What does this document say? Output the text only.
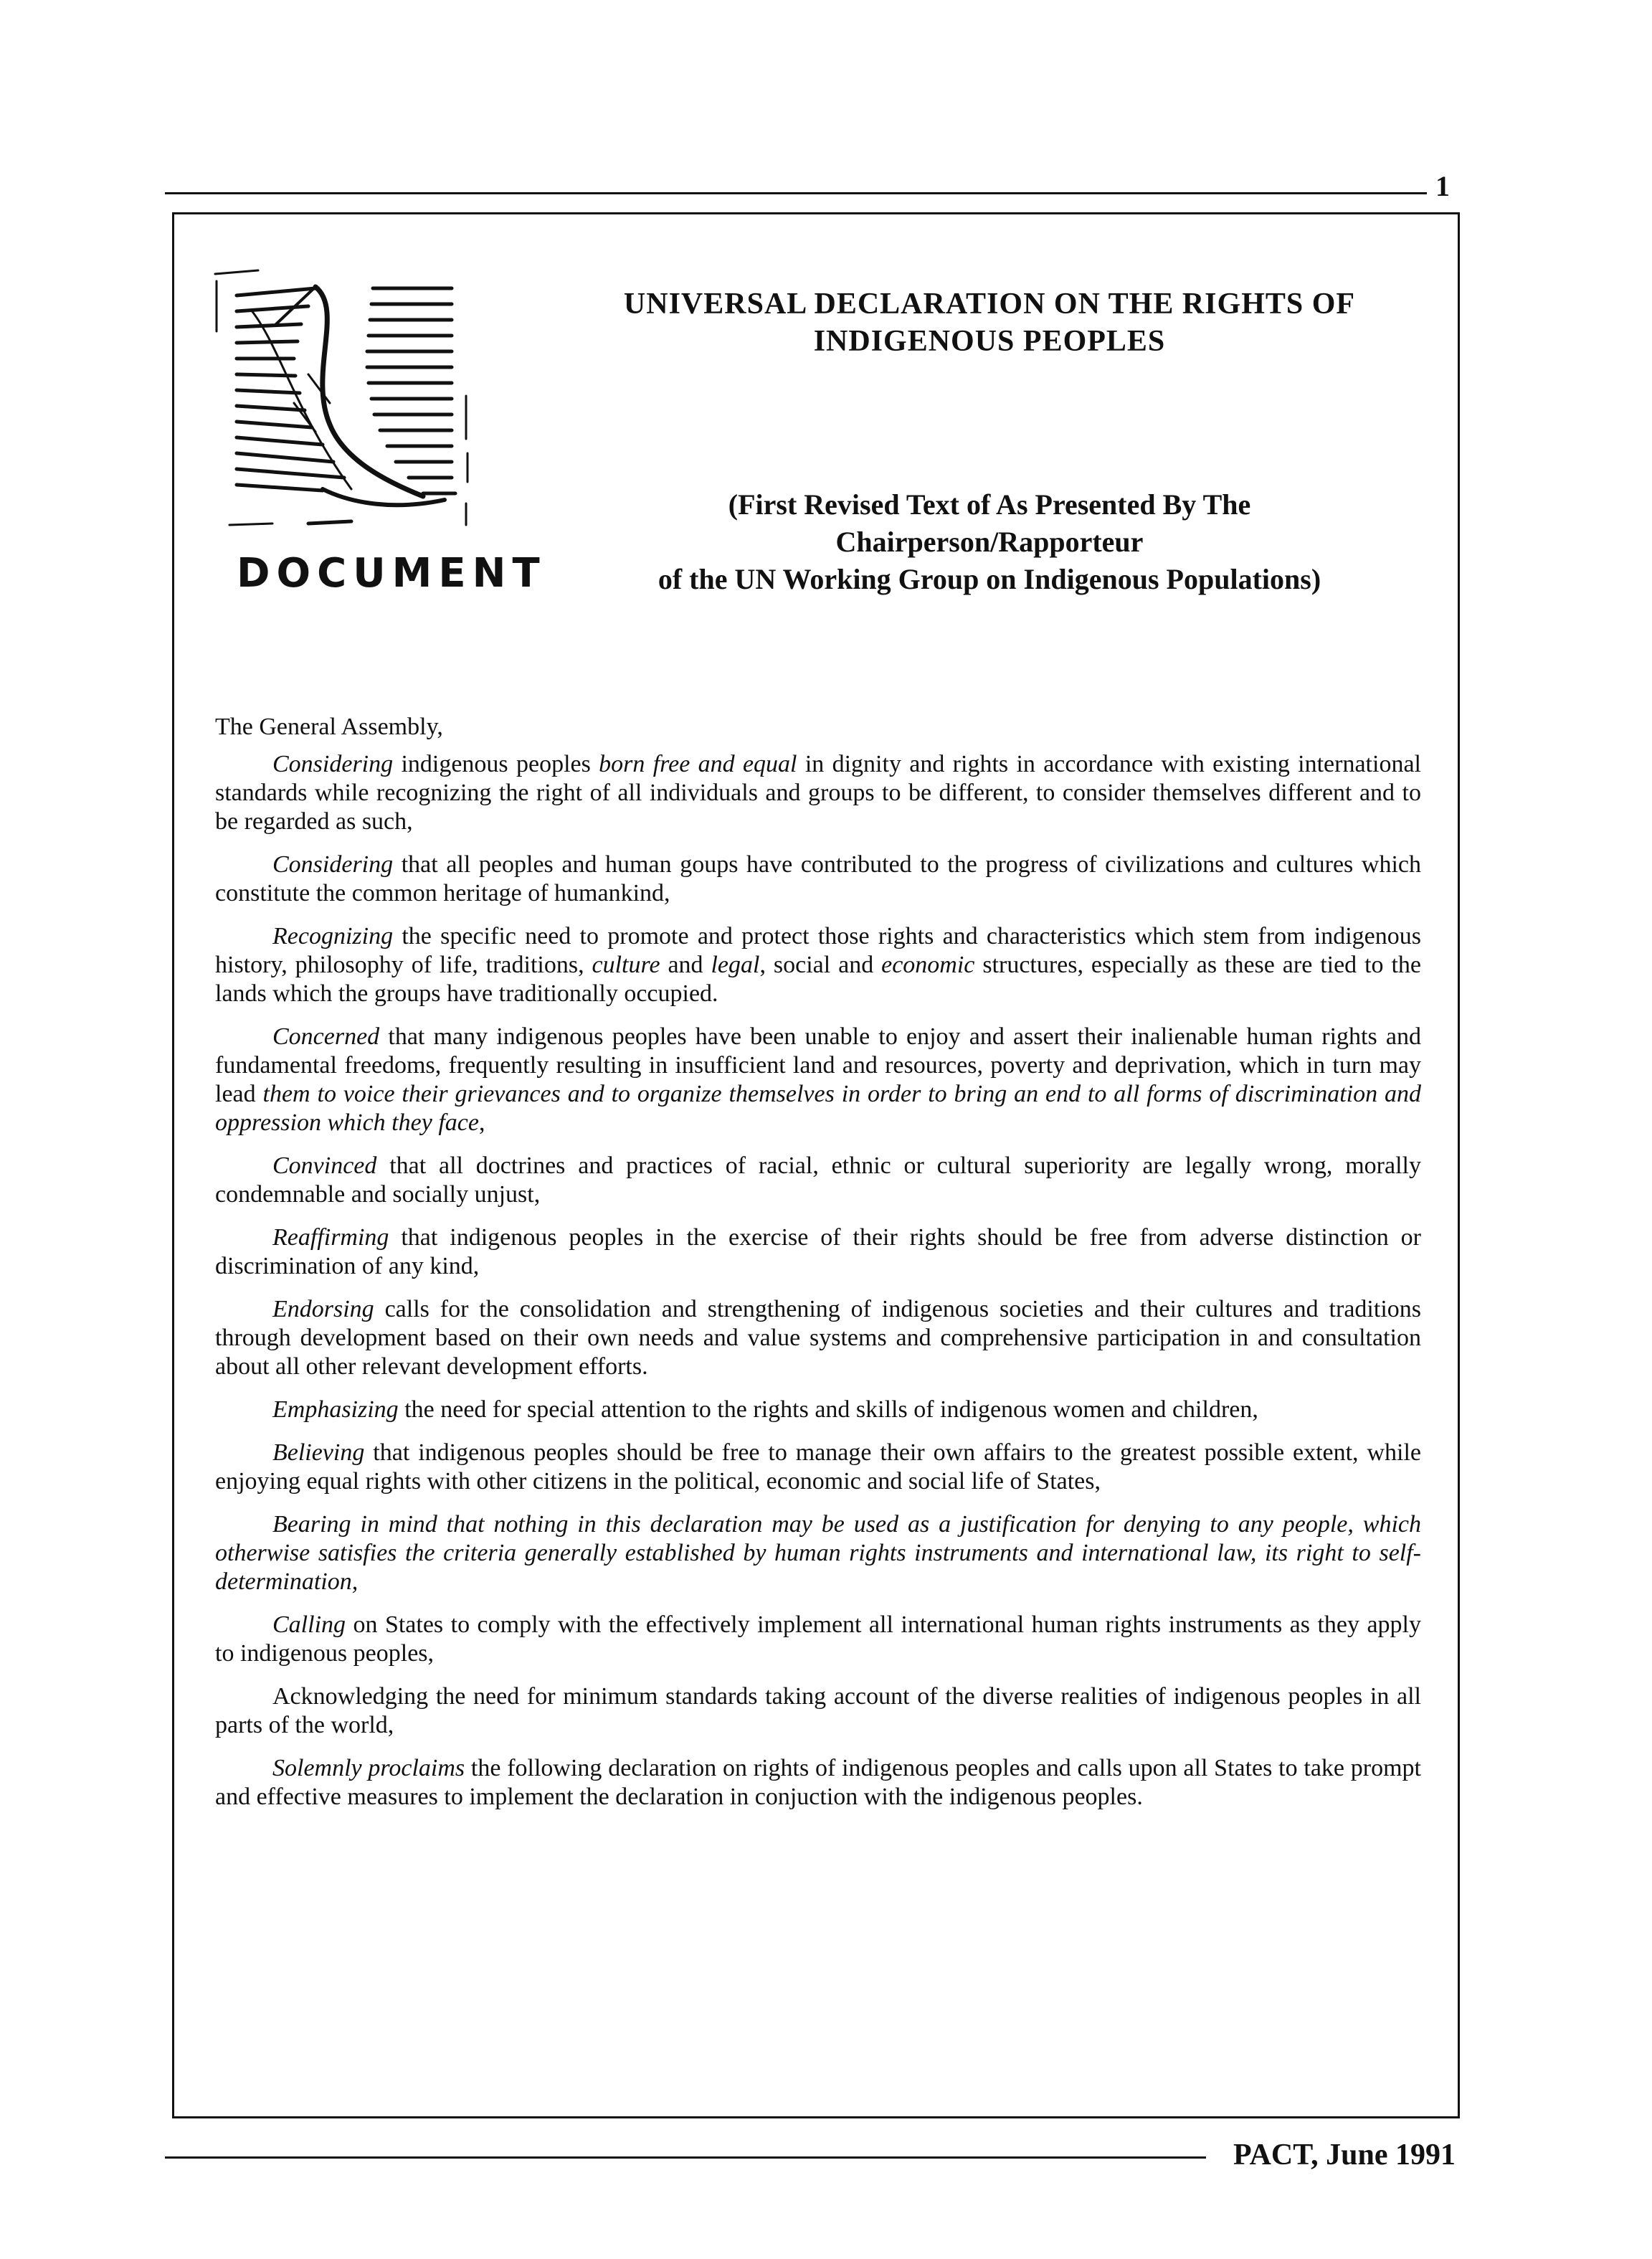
1
DOCUMENT
UNIVERSAL DECLARATION ON THE RIGHTS OF INDIGENOUS PEOPLES
(First Revised Text of As Presented By The
Chairperson/Rapporteur
of the UN Working Group on Indigenous Populations)

The General Assembly,

Considering indigenous peoples born free and equal in dignity and rights in accordance with existing international standards while recognizing the right of all individuals and groups to be different, to consider themselves different and to be regarded as such,

Considering that all peoples and human goups have contributed to the progress of civilizations and cultures which constitute the common heritage of humankind,

Recognizing the specific need to promote and protect those rights and characteristics which stem from indigenous history, philosophy of life, traditions, culture and legal, social and economic structures, especially as these are tied to the lands which the groups have traditionally occupied.

Concerned that many indigenous peoples have been unable to enjoy and assert their inalienable human rights and fundamental freedoms, frequently resulting in insufficient land and resources, poverty and deprivation, which in turn may lead them to voice their grievances and to organize themselves in order to bring an end to all forms of discrimination and oppression which they face,

Convinced that all doctrines and practices of racial, ethnic or cultural superiority are legally wrong, morally condemnable and socially unjust,

Reaffirming that indigenous peoples in the exercise of their rights should be free from adverse distinction or discrimination of any kind,

Endorsing calls for the consolidation and strengthening of indigenous societies and their cultures and traditions through development based on their own needs and value systems and comprehensive participation in and consultation about all other relevant development efforts.

Emphasizing the need for special attention to the rights and skills of indigenous women and children,

Believing that indigenous peoples should be free to manage their own affairs to the greatest possible extent, while enjoying equal rights with other citizens in the political, economic and social life of States,

Bearing in mind that nothing in this declaration may be used as a justification for denying to any people, which otherwise satisfies the criteria generally established by human rights instruments and international law, its right to self- determination,

Calling on States to comply with the effectively implement all international human rights instruments as they apply to indigenous peoples,

Acknowledging the need for minimum standards taking account of the diverse realities of indigenous peoples in all parts of the world,

Solemnly proclaims the following declaration on rights of indigenous peoples and calls upon all States to take prompt and effective measures to implement the declaration in conjuction with the indigenous peoples.

PACT, June 1991
